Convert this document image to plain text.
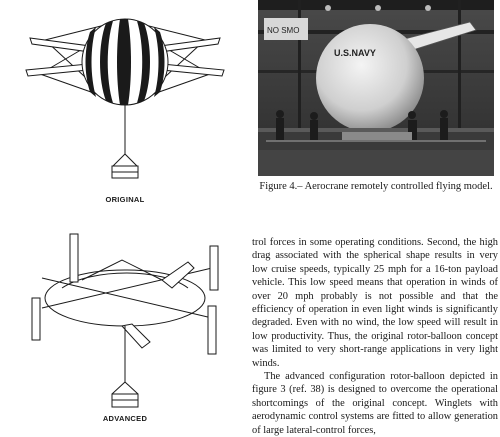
ORIGINAL
ADVANCED
NO SMO
U.S.NAVY
Figure 4.– Aerocrane remotely controlled flying model.

trol forces in some operating conditions. Second, the high drag associated with the spherical shape results in very low cruise speeds, typically 25 mph for a 16-ton payload vehicle. This low speed means that operation in winds of over 20 mph probably is not possible and that the efficiency of operation in even light winds is significantly degraded. Even with no wind, the low speed will result in low productivity. Thus, the original rotor-balloon concept was limited to very short-range applications in very light winds.

The advanced configuration rotor-balloon depicted in figure 3 (ref. 38) is designed to overcome the operational shortcomings of the original concept. Winglets with aerodynamic control systems are fitted to allow generation of large lateral-control forces,
